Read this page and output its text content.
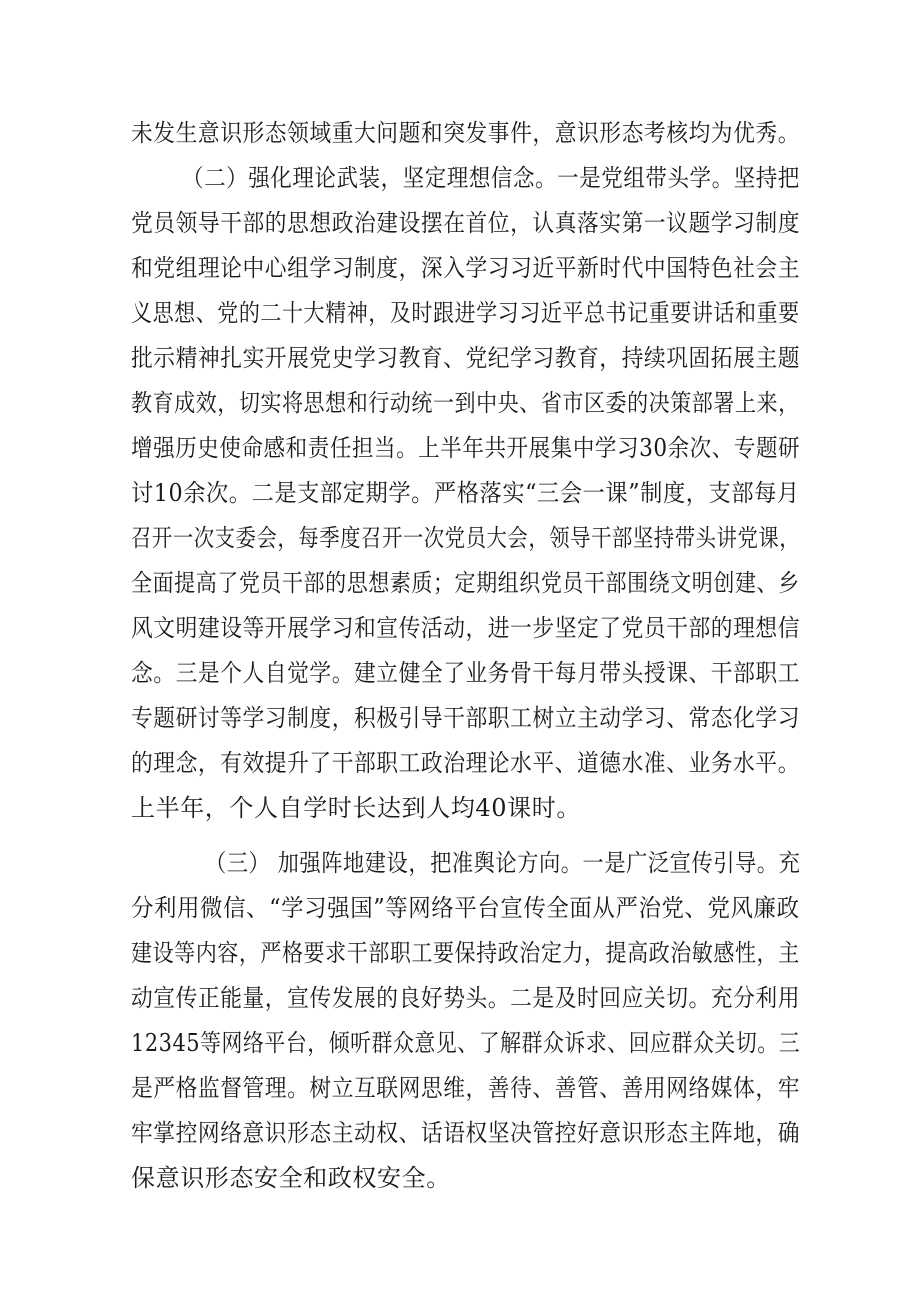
未发生意识形态领域重大问题和突发事件，意识形态考核均为优秀。
（二）强化理论武装，坚定理想信念。一是党组带头学。坚持把
党员领导干部的思想政治建设摆在首位，认真落实第一议题学习制度
和党组理论中心组学习制度，深入学习习近平新时代中国特色社会主
义思想、党的二十大精神，及时跟进学习习近平总书记重要讲话和重要
批示精神扎实开展党史学习教育、党纪学习教育，持续巩固拓展主题
教育成效，切实将思想和行动统一到中央、省市区委的决策部署上来，
增强历史使命感和责任担当。上半年共开展集中学习30余次、专题研
讨10余次。二是支部定期学。严格落实“三会一课”制度，支部每月
召开一次支委会，每季度召开一次党员大会，领导干部坚持带头讲党课，
全面提高了党员干部的思想素质；定期组织党员干部围绕文明创建、乡
风文明建设等开展学习和宣传活动，进一步坚定了党员干部的理想信
念。三是个人自觉学。建立健全了业务骨干每月带头授课、干部职工
专题研讨等学习制度，积极引导干部职工树立主动学习、常态化学习
的理念，有效提升了干部职工政治理论水平、道德水准、业务水平。
上半年，个人自学时长达到人均40课时。
（三） 加强阵地建设，把准舆论方向。一是广泛宣传引导。充
分利用微信、“学习强国”等网络平台宣传全面从严治党、党风廉政
建设等内容，严格要求干部职工要保持政治定力，提高政治敏感性，主
动宣传正能量，宣传发展的良好势头。二是及时回应关切。充分利用
12345等网络平台，倾听群众意见、了解群众诉求、回应群众关切。三
是严格监督管理。树立互联网思维，善待、善管、善用网络媒体，牢
牢掌控网络意识形态主动权、话语权坚决管控好意识形态主阵地，确
保意识形态安全和政权安全。
